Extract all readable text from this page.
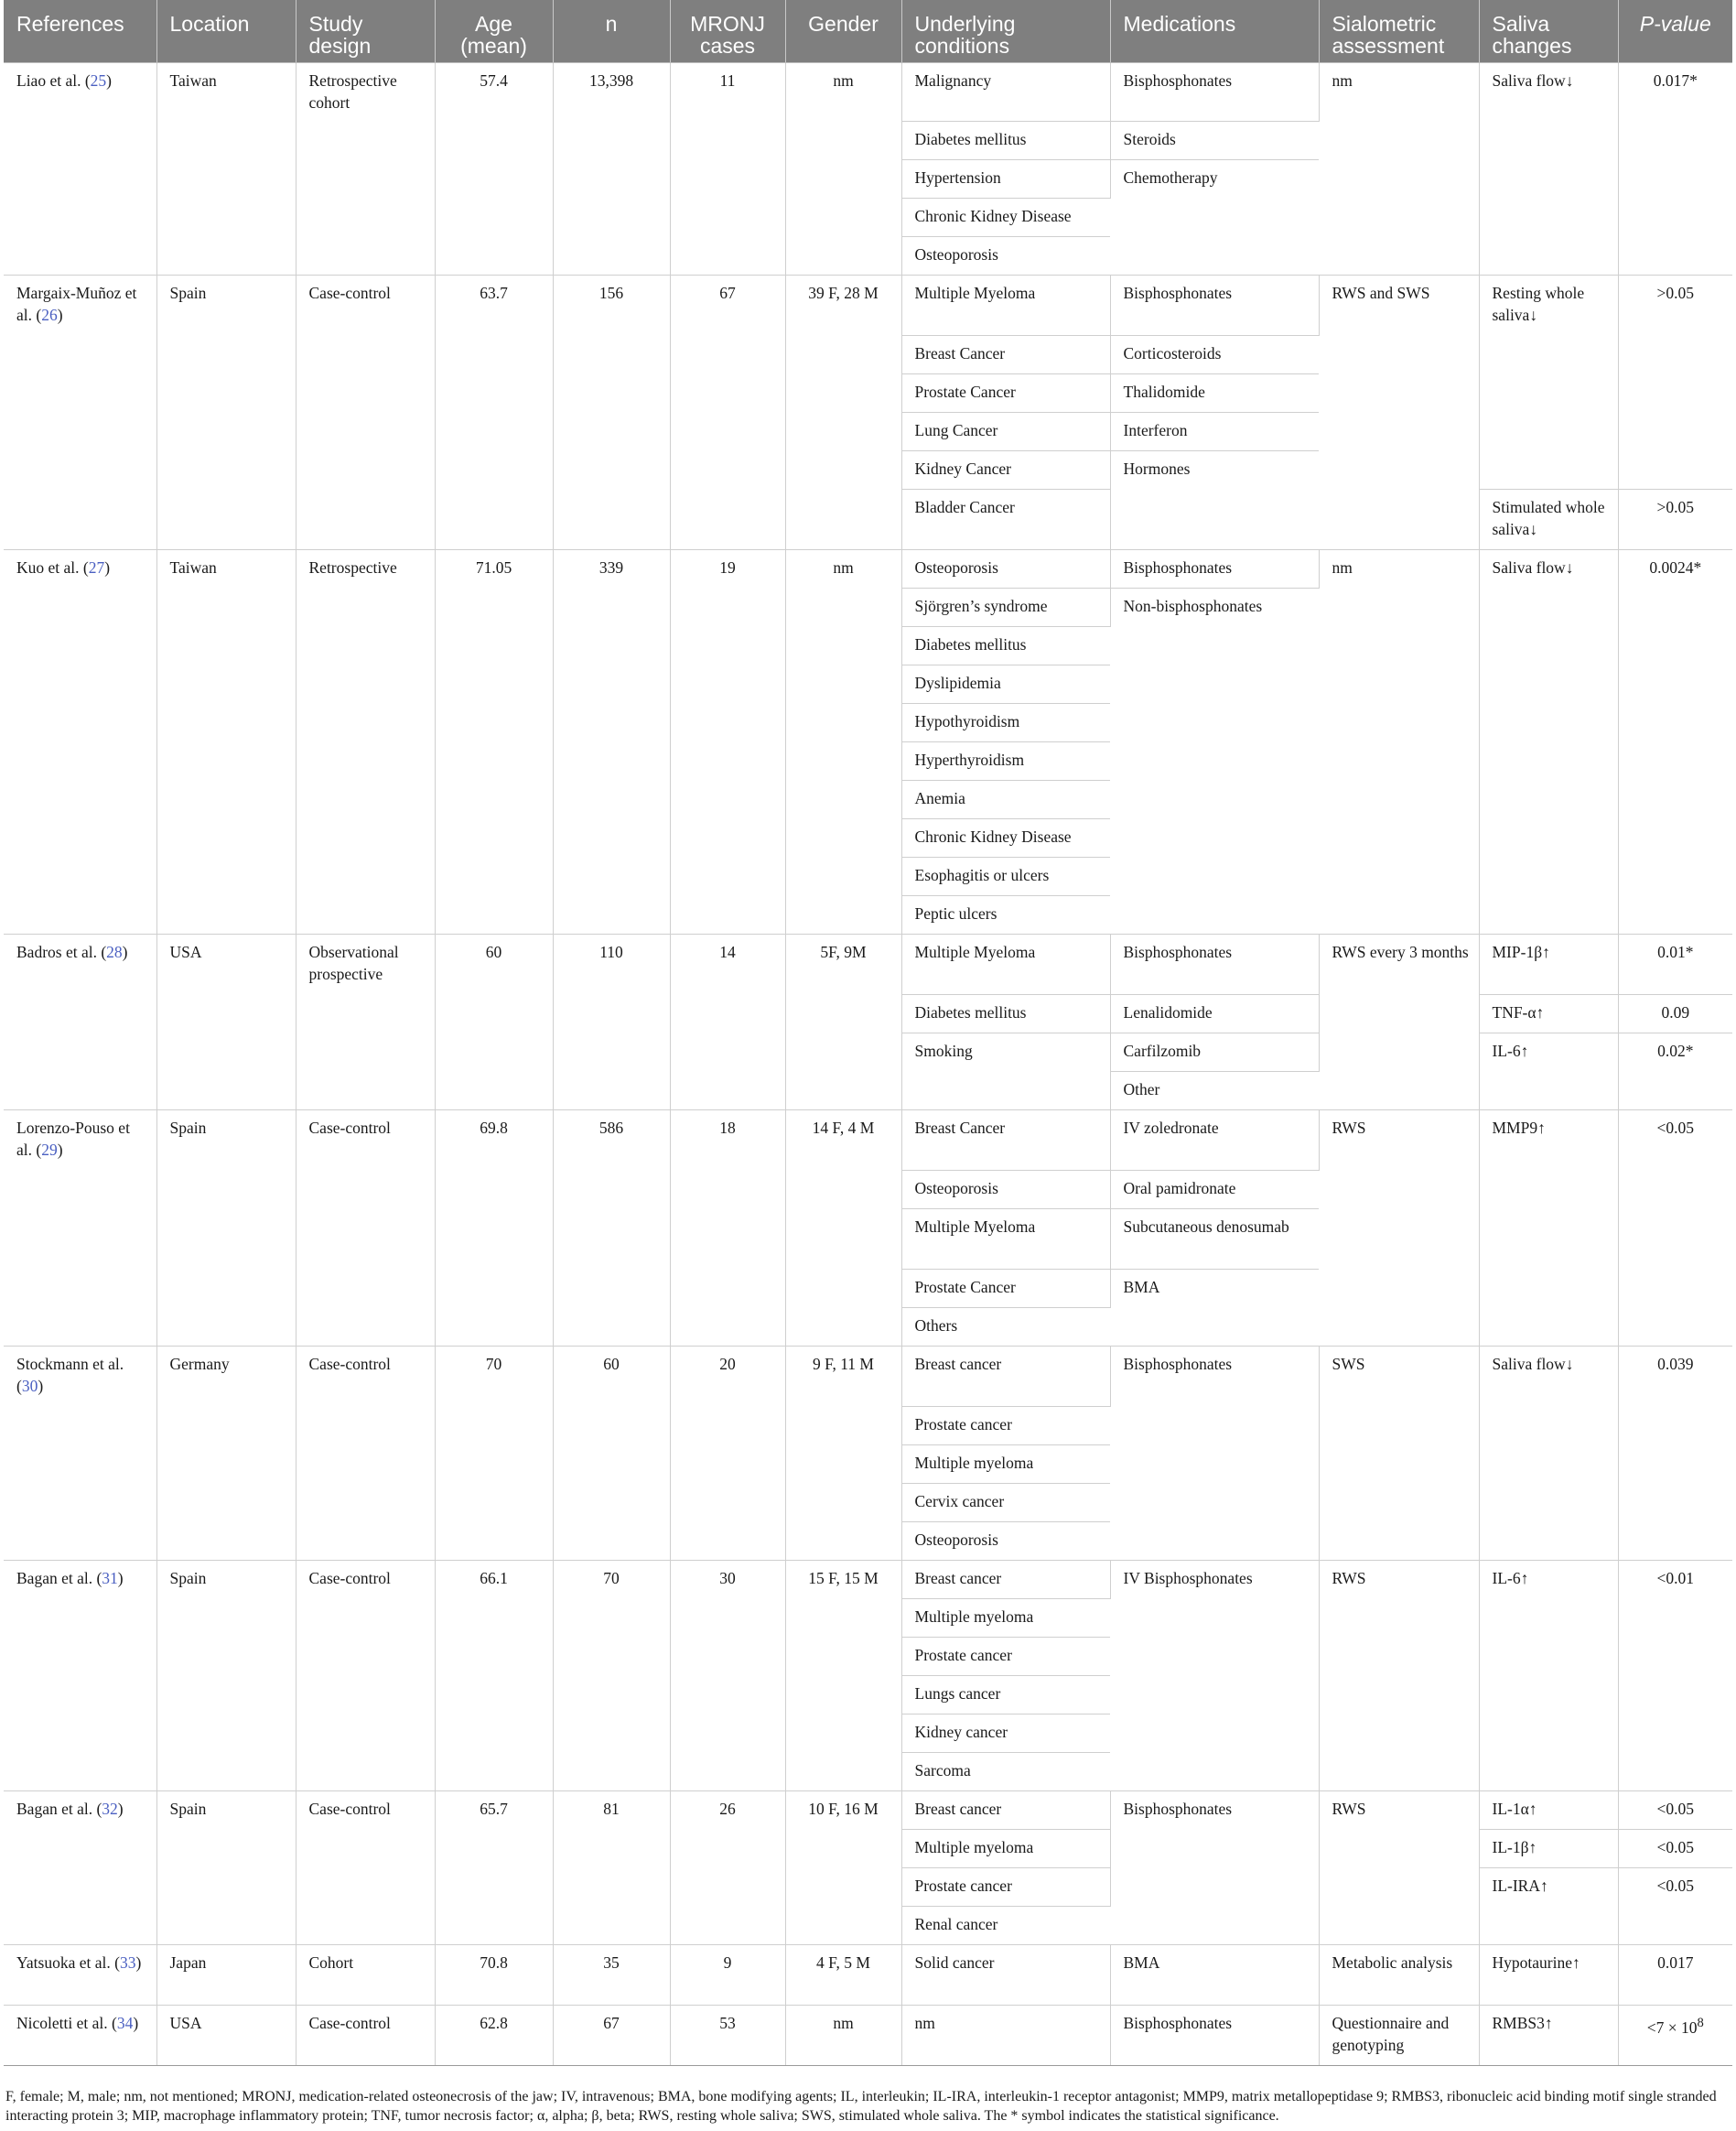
References	Location	Study design	Age (mean)	n	MRONJ cases	Gender	Underlying conditions	Medications	Sialometric assessment	Saliva changes	P-value
Liao et al. (25)	Taiwan	Retrospective cohort	57.4	13,398	11	nm	Malignancy	Bisphosphonates	nm	Saliva flow↓	0.017*
							Diabetes mellitus	Steroids			
							Hypertension	Chemotherapy			
							Chronic Kidney Disease				
							Osteoporosis				
Margaix-Muñoz et al. (26)	Spain	Case-control	63.7	156	67	39 F, 28 M	Multiple Myeloma	Bisphosphonates	RWS and SWS	Resting whole saliva↓	>0.05
							Breast Cancer	Corticosteroids			
							Prostate Cancer	Thalidomide			
							Lung Cancer	Interferon			
							Kidney Cancer	Hormones			
							Bladder Cancer			Stimulated whole saliva↓	>0.05
Kuo et al. (27)	Taiwan	Retrospective	71.05	339	19	nm	Osteoporosis	Bisphosphonates	nm	Saliva flow↓	0.0024*
							Sjörgren’s syndrome	Non-bisphosphonates			
							Diabetes mellitus				
							Dyslipidemia				
							Hypothyroidism				
							Hyperthyroidism				
							Anemia				
							Chronic Kidney Disease				
							Esophagitis or ulcers				
							Peptic ulcers				
Badros et al. (28)	USA	Observational prospective	60	110	14	5F, 9M	Multiple Myeloma	Bisphosphonates	RWS every 3 months	MIP-1β↑	0.01*
							Diabetes mellitus	Lenalidomide		TNF-α↑	0.09
							Smoking	Carfilzomib		IL-6↑	0.02*
								Other			
Lorenzo-Pouso et al. (29)	Spain	Case-control	69.8	586	18	14 F, 4 M	Breast Cancer	IV zoledronate	RWS	MMP9↑	<0.05
							Osteoporosis	Oral pamidronate			
							Multiple Myeloma	Subcutaneous denosumab			
							Prostate Cancer	BMA			
							Others				
Stockmann et al. (30)	Germany	Case-control	70	60	20	9 F, 11 M	Breast cancer	Bisphosphonates	SWS	Saliva flow↓	0.039
							Prostate cancer				
							Multiple myeloma				
							Cervix cancer				
							Osteoporosis				
Bagan et al. (31)	Spain	Case-control	66.1	70	30	15 F, 15 M	Breast cancer	IV Bisphosphonates	RWS	IL-6↑	<0.01
							Multiple myeloma				
							Prostate cancer				
							Lungs cancer				
							Kidney cancer				
							Sarcoma				
Bagan et al. (32)	Spain	Case-control	65.7	81	26	10 F, 16 M	Breast cancer	Bisphosphonates	RWS	IL-1α↑	<0.05
							Multiple myeloma			IL-1β↑	<0.05
							Prostate cancer			IL-IRA↑	<0.05
							Renal cancer				
Yatsuoka et al. (33)	Japan	Cohort	70.8	35	9	4 F, 5 M	Solid cancer	BMA	Metabolic analysis	Hypotaurine↑	0.017
Nicoletti et al. (34)	USA	Case-control	62.8	67	53	nm	nm	Bisphosphonates	Questionnaire and genotyping	RMBS3↑	$<7 \times 10^8$
F, female; M, male; nm, not mentioned; MRONJ, medication-related osteonecrosis of the jaw; IV, intravenous; BMA, bone modifying agents; IL, interleukin; IL-IRA, interleukin-1 receptor antagonist; MMP9, matrix metallopeptidase 9; RMBS3, ribonucleic acid binding motif single stranded interacting protein 3; MIP, macrophage inflammatory protein; TNF, tumor necrosis factor; α, alpha; β, beta; RWS, resting whole saliva; SWS, stimulated whole saliva. The * symbol indicates the statistical significance.
